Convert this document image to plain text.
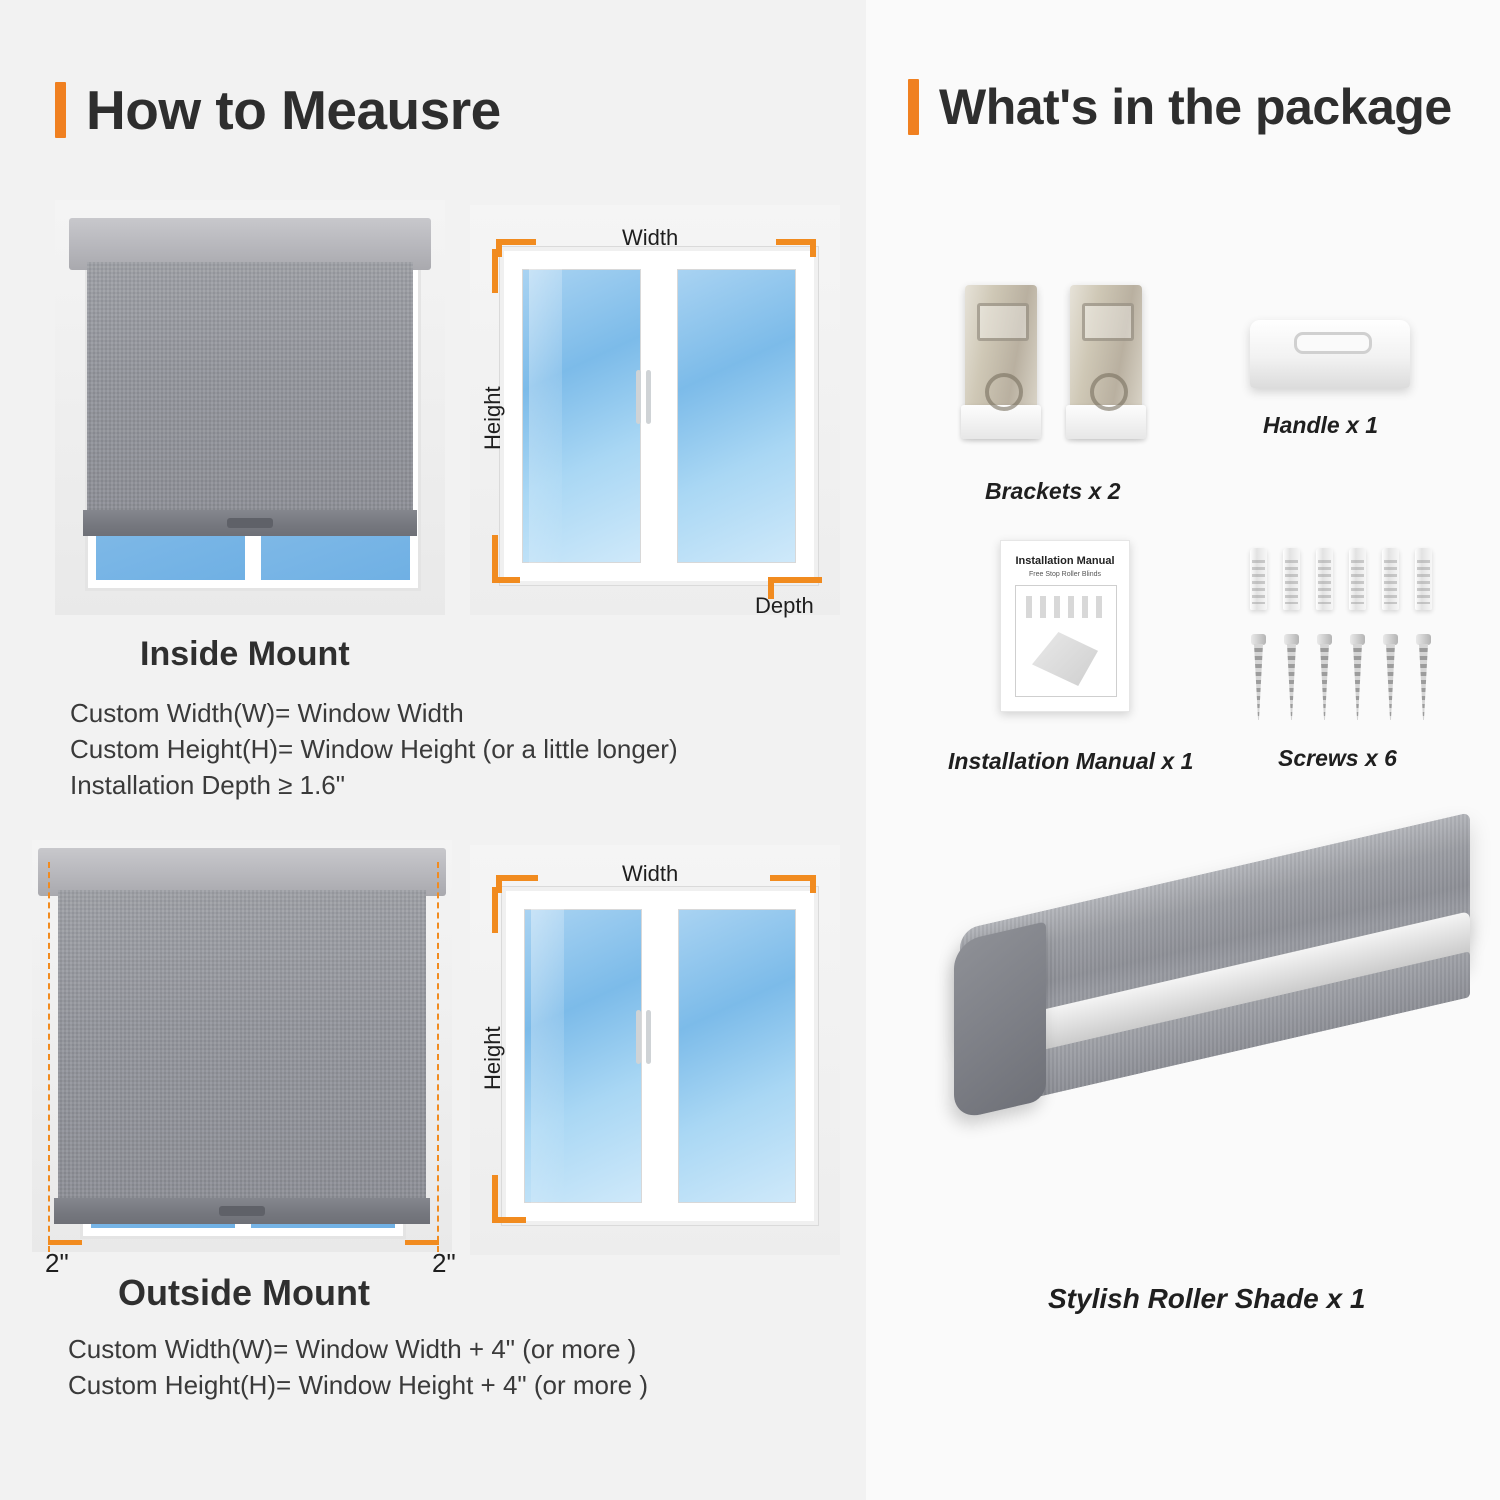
How to Meausre
Width
Height
Depth
Inside Mount
Custom Width(W)= Window Width
Custom Height(H)= Window Height (or a little longer)
Installation Depth ≥ 1.6"
2"	2"
Width
Height
Outside Mount
Custom Width(W)= Window Width + 4" (or more )
Custom Height(H)= Window Height + 4" (or more )
What's in the package
Brackets x 2
Handle x 1
Installation Manual
Free Stop Roller Blinds
Installation Manual x 1	Screws x 6
Stylish Roller Shade x 1
